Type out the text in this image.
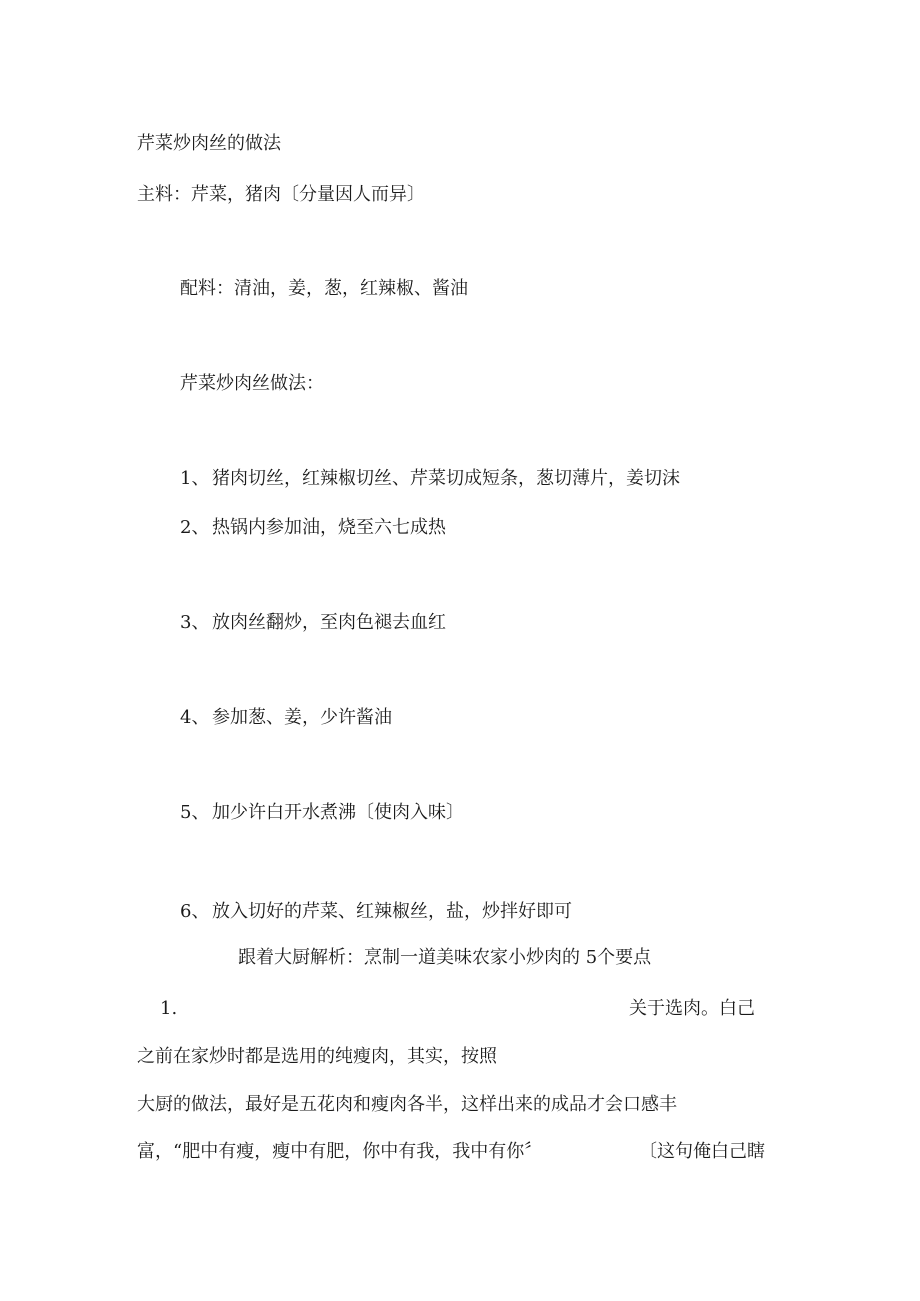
芹菜炒肉丝的做法
主料：芹菜，猪肉〔分量因人而异〕
配料：清油，姜，葱，红辣椒、酱油
芹菜炒肉丝做法：
1、 猪肉切丝，红辣椒切丝、芹菜切成短条，葱切薄片，姜切沫
2、 热锅内参加油，烧至六七成热
3、 放肉丝翻炒，至肉色褪去血红
4、 参加葱、姜，少许酱油
5、 加少许白开水煮沸〔使肉入味〕
6、 放入切好的芹菜、红辣椒丝，盐，炒拌好即可
跟着大厨解析：烹制一道美味农家小炒肉的 5个要点
1.	关于选肉。白己
之前在家炒时都是选用的纯瘦肉，其实，按照
大厨的做法，最好是五花肉和瘦肉各半，这样出来的成品才会口感丰
富，“肥中有瘦，瘦中有肥，你中有我，我中有你〞	〔这句俺白己瞎
